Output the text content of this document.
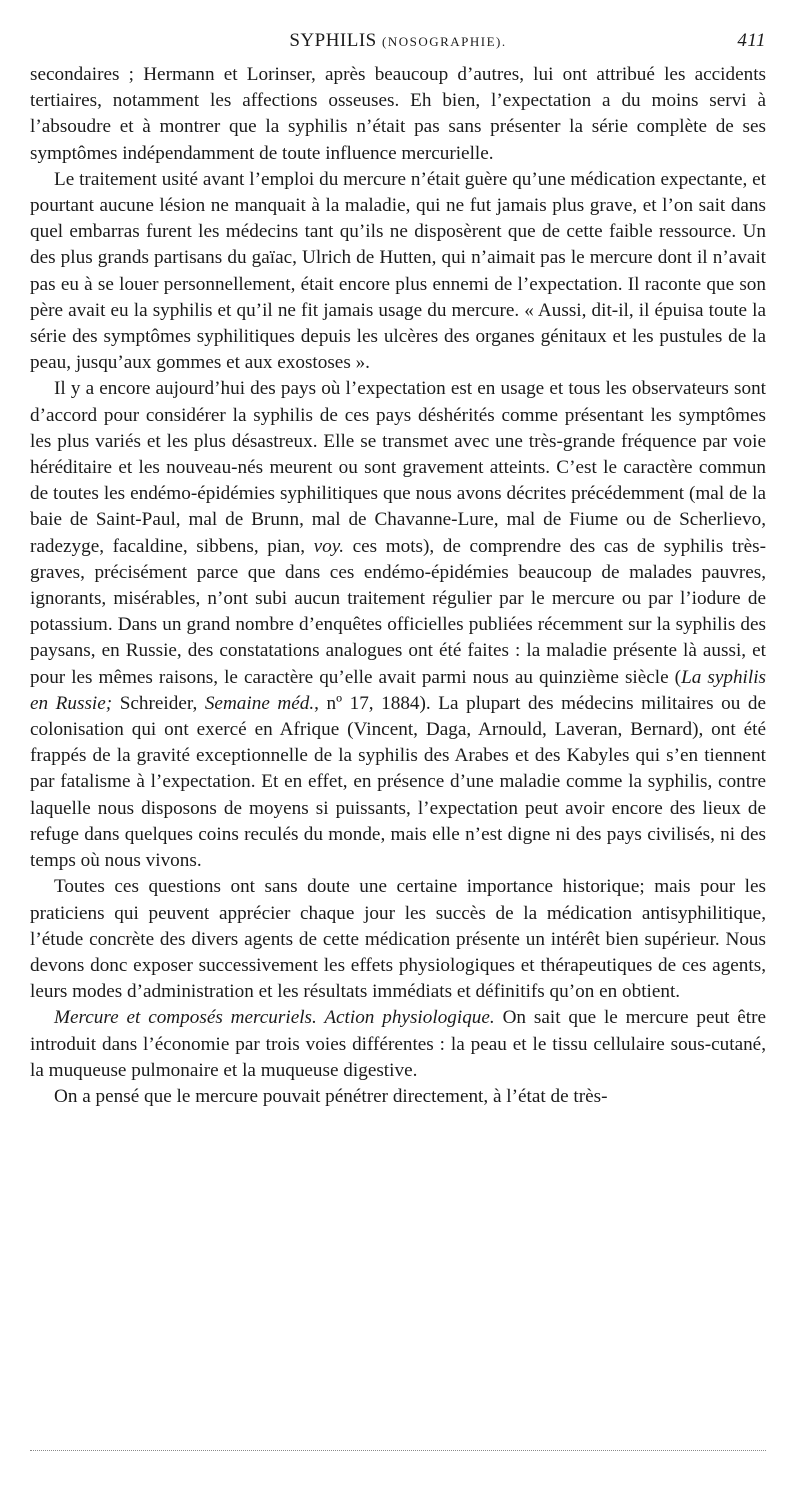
SYPHILIS (NOSOGRAPHIE).	411

secondaires ; Hermann et Lorinser, après beaucoup d’autres, lui ont attribué les accidents tertiaires, notamment les affections osseuses. Eh bien, l’expectation a du moins servi à l’absoudre et à montrer que la syphilis n’était pas sans présenter la série complète de ses symptômes indépendamment de toute influence mercurielle.

Le traitement usité avant l’emploi du mercure n’était guère qu’une médication expectante, et pourtant aucune lésion ne manquait à la maladie, qui ne fut jamais plus grave, et l’on sait dans quel embarras furent les médecins tant qu’ils ne disposèrent que de cette faible ressource. Un des plus grands partisans du gaïac, Ulrich de Hutten, qui n’aimait pas le mercure dont il n’avait pas eu à se louer personnellement, était encore plus ennemi de l’expectation. Il raconte que son père avait eu la syphilis et qu’il ne fit jamais usage du mercure. « Aussi, dit-il, il épuisa toute la série des symptômes syphilitiques depuis les ulcères des organes génitaux et les pustules de la peau, jusqu’aux gommes et aux exostoses ».

Il y a encore aujourd’hui des pays où l’expectation est en usage et tous les observateurs sont d’accord pour considérer la syphilis de ces pays déshérités comme présentant les symptômes les plus variés et les plus désastreux. Elle se transmet avec une très-grande fréquence par voie héréditaire et les nouveau-nés meurent ou sont gravement atteints. C’est le caractère commun de toutes les endémo-épidémies syphilitiques que nous avons décrites précédemment (mal de la baie de Saint-Paul, mal de Brunn, mal de Chavanne-Lure, mal de Fiume ou de Scherlievo, radezyge, facaldine, sibbens, pian, voy. ces mots), de comprendre des cas de syphilis très-graves, précisément parce que dans ces endémo-épidémies beaucoup de malades pauvres, ignorants, misérables, n’ont subi aucun traitement régulier par le mercure ou par l’iodure de potassium. Dans un grand nombre d’enquêtes officielles publiées récemment sur la syphilis des paysans, en Russie, des constatations analogues ont été faites : la maladie présente là aussi, et pour les mêmes raisons, le caractère qu’elle avait parmi nous au quinzième siècle (La syphilis en Russie; Schreider, Semaine méd., nº 17, 1884). La plupart des médecins militaires ou de colonisation qui ont exercé en Afrique (Vincent, Daga, Arnould, Laveran, Bernard), ont été frappés de la gravité exceptionnelle de la syphilis des Arabes et des Kabyles qui s’en tiennent par fatalisme à l’expectation. Et en effet, en présence d’une maladie comme la syphilis, contre laquelle nous disposons de moyens si puissants, l’expectation peut avoir encore des lieux de refuge dans quelques coins reculés du monde, mais elle n’est digne ni des pays civilisés, ni des temps où nous vivons.

Toutes ces questions ont sans doute une certaine importance historique; mais pour les praticiens qui peuvent apprécier chaque jour les succès de la médication antisyphilitique, l’étude concrète des divers agents de cette médication présente un intérêt bien supérieur. Nous devons donc exposer successivement les effets physiologiques et thérapeutiques de ces agents, leurs modes d’administration et les résultats immédiats et définitifs qu’on en obtient.

Mercure et composés mercuriels. Action physiologique. On sait que le mercure peut être introduit dans l’économie par trois voies différentes : la peau et le tissu cellulaire sous-cutané, la muqueuse pulmonaire et la muqueuse digestive.

On a pensé que le mercure pouvait pénétrer directement, à l’état de très-
